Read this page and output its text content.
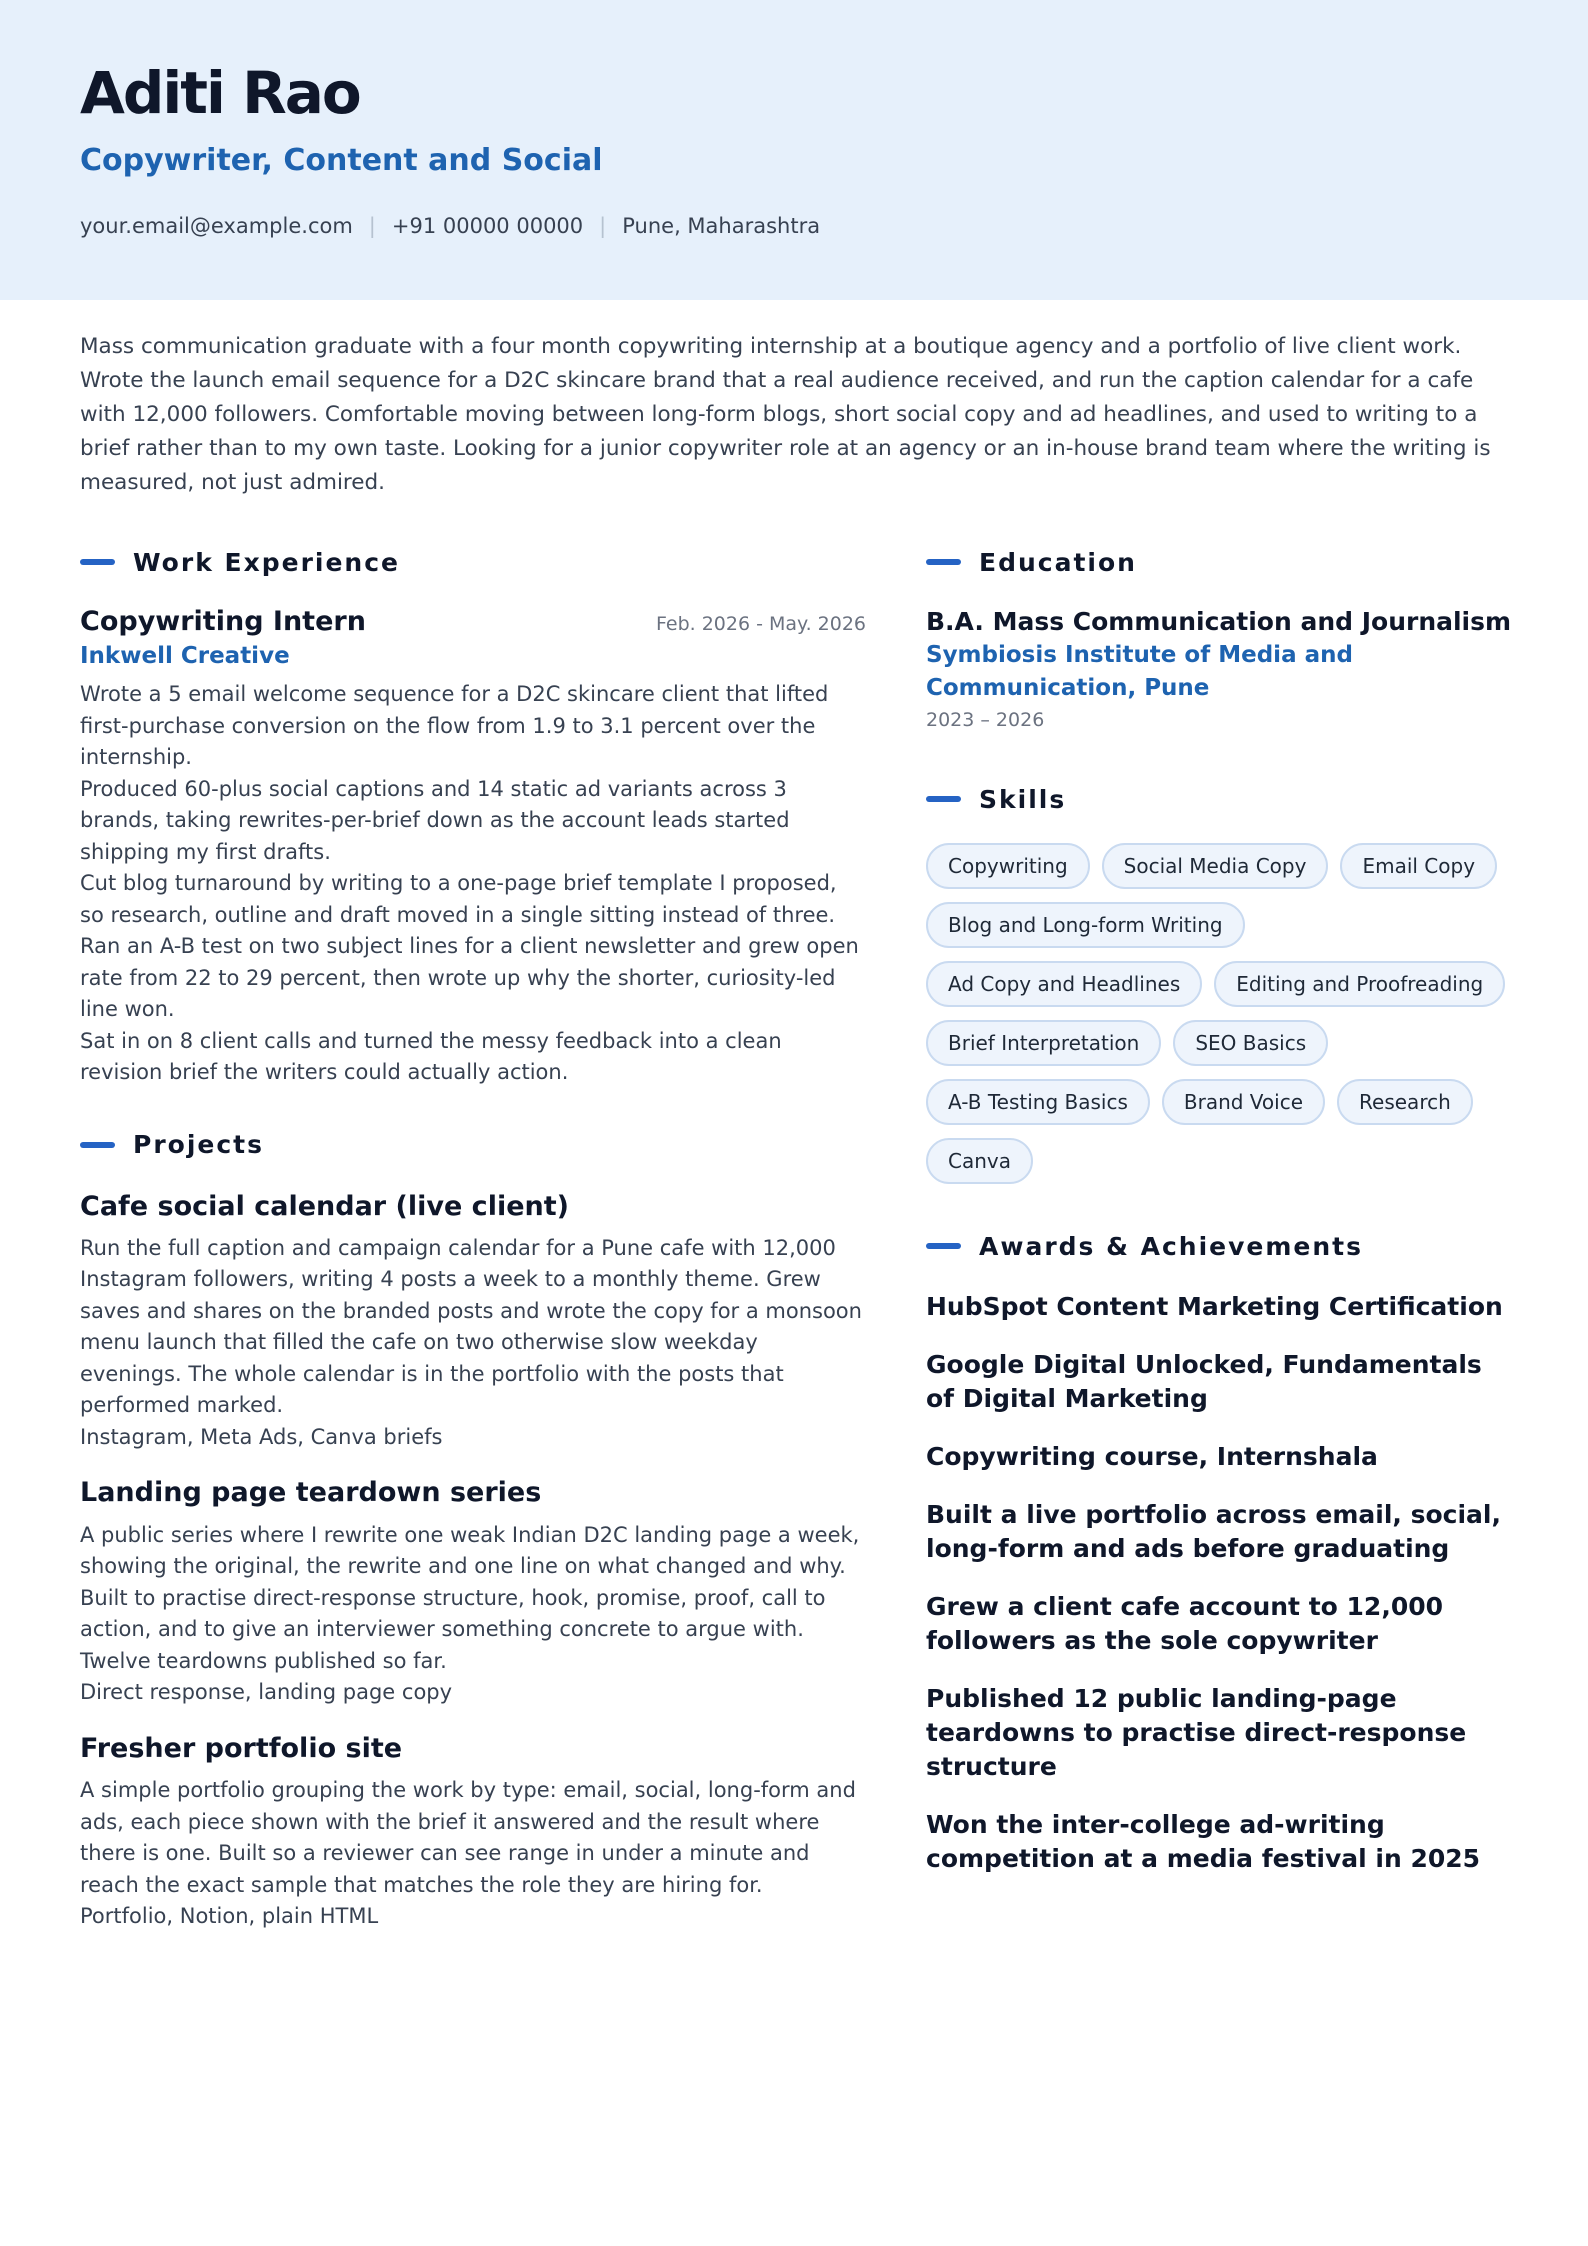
Aditi Rao
Copywriter, Content and Social
your.email@example.com | +91 00000 00000 | Pune, Maharashtra

Mass communication graduate with a four month copywriting internship at a boutique agency and a portfolio of live client work. Wrote the launch email sequence for a D2C skincare brand that a real audience received, and run the caption calendar for a cafe with 12,000 followers. Comfortable moving between long-form blogs, short social copy and ad headlines, and used to writing to a brief rather than to my own taste. Looking for a junior copywriter role at an agency or an in-house brand team where the writing is measured, not just admired.

Work Experience
Copywriting Intern	Feb. 2026 - May. 2026
Inkwell Creative
Wrote a 5 email welcome sequence for a D2C skincare client that lifted first-purchase conversion on the flow from 1.9 to 3.1 percent over the internship.
Produced 60-plus social captions and 14 static ad variants across 3 brands, taking rewrites-per-brief down as the account leads started shipping my first drafts.
Cut blog turnaround by writing to a one-page brief template I proposed, so research, outline and draft moved in a single sitting instead of three.
Ran an A-B test on two subject lines for a client newsletter and grew open rate from 22 to 29 percent, then wrote up why the shorter, curiosity-led line won.
Sat in on 8 client calls and turned the messy feedback into a clean revision brief the writers could actually action.
Projects
Cafe social calendar (live client)
Run the full caption and campaign calendar for a Pune cafe with 12,000 Instagram followers, writing 4 posts a week to a monthly theme. Grew saves and shares on the branded posts and wrote the copy for a monsoon menu launch that filled the cafe on two otherwise slow weekday evenings. The whole calendar is in the portfolio with the posts that performed marked.
Instagram, Meta Ads, Canva briefs
Landing page teardown series
A public series where I rewrite one weak Indian D2C landing page a week, showing the original, the rewrite and one line on what changed and why. Built to practise direct-response structure, hook, promise, proof, call to action, and to give an interviewer something concrete to argue with. Twelve teardowns published so far.
Direct response, landing page copy
Fresher portfolio site
A simple portfolio grouping the work by type: email, social, long-form and ads, each piece shown with the brief it answered and the result where there is one. Built so a reviewer can see range in under a minute and reach the exact sample that matches the role they are hiring for.
Portfolio, Notion, plain HTML
Education
B.A. Mass Communication and Journalism
Symbiosis Institute of Media and Communication, Pune
2023 – 2026
Skills
Copywriting	Social Media Copy	Email Copy
Blog and Long-form Writing
Ad Copy and Headlines	Editing and Proofreading
Brief Interpretation	SEO Basics
A-B Testing Basics	Brand Voice	Research
Canva
Awards & Achievements
HubSpot Content Marketing Certification
Google Digital Unlocked, Fundamentals of Digital Marketing
Copywriting course, Internshala
Built a live portfolio across email, social, long-form and ads before graduating
Grew a client cafe account to 12,000 followers as the sole copywriter
Published 12 public landing-page teardowns to practise direct-response structure
Won the inter-college ad-writing competition at a media festival in 2025
